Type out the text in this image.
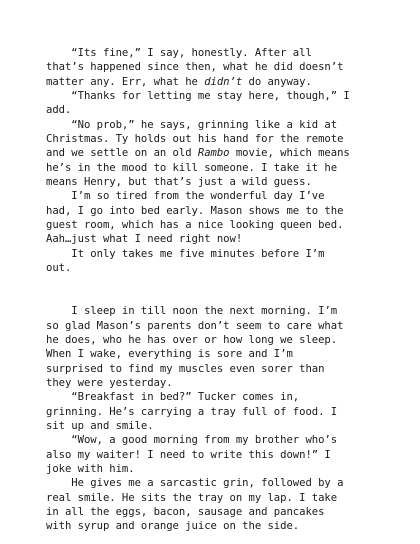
“Its fine,” I say, honestly. After all
that’s happened since then, what he did doesn’t
matter any. Err, what he didn’t do anyway.
“Thanks for letting me stay here, though,” I
add.
“No prob,” he says, grinning like a kid at
Christmas. Ty holds out his hand for the remote
and we settle on an old Rambo movie, which means
he’s in the mood to kill someone. I take it he
means Henry, but that’s just a wild guess.
I’m so tired from the wonderful day I’ve
had, I go into bed early. Mason shows me to the
guest room, which has a nice looking queen bed.
Aah…just what I need right now!
It only takes me five minutes before I’m
out.
I sleep in till noon the next morning. I’m
so glad Mason’s parents don’t seem to care what
he does, who he has over or how long we sleep.
When I wake, everything is sore and I’m
surprised to find my muscles even sorer than
they were yesterday.
“Breakfast in bed?” Tucker comes in,
grinning. He’s carrying a tray full of food. I
sit up and smile.
“Wow, a good morning from my brother who’s
also my waiter! I need to write this down!” I
joke with him.
He gives me a sarcastic grin, followed by a
real smile. He sits the tray on my lap. I take
in all the eggs, bacon, sausage and pancakes
with syrup and orange juice on the side.
